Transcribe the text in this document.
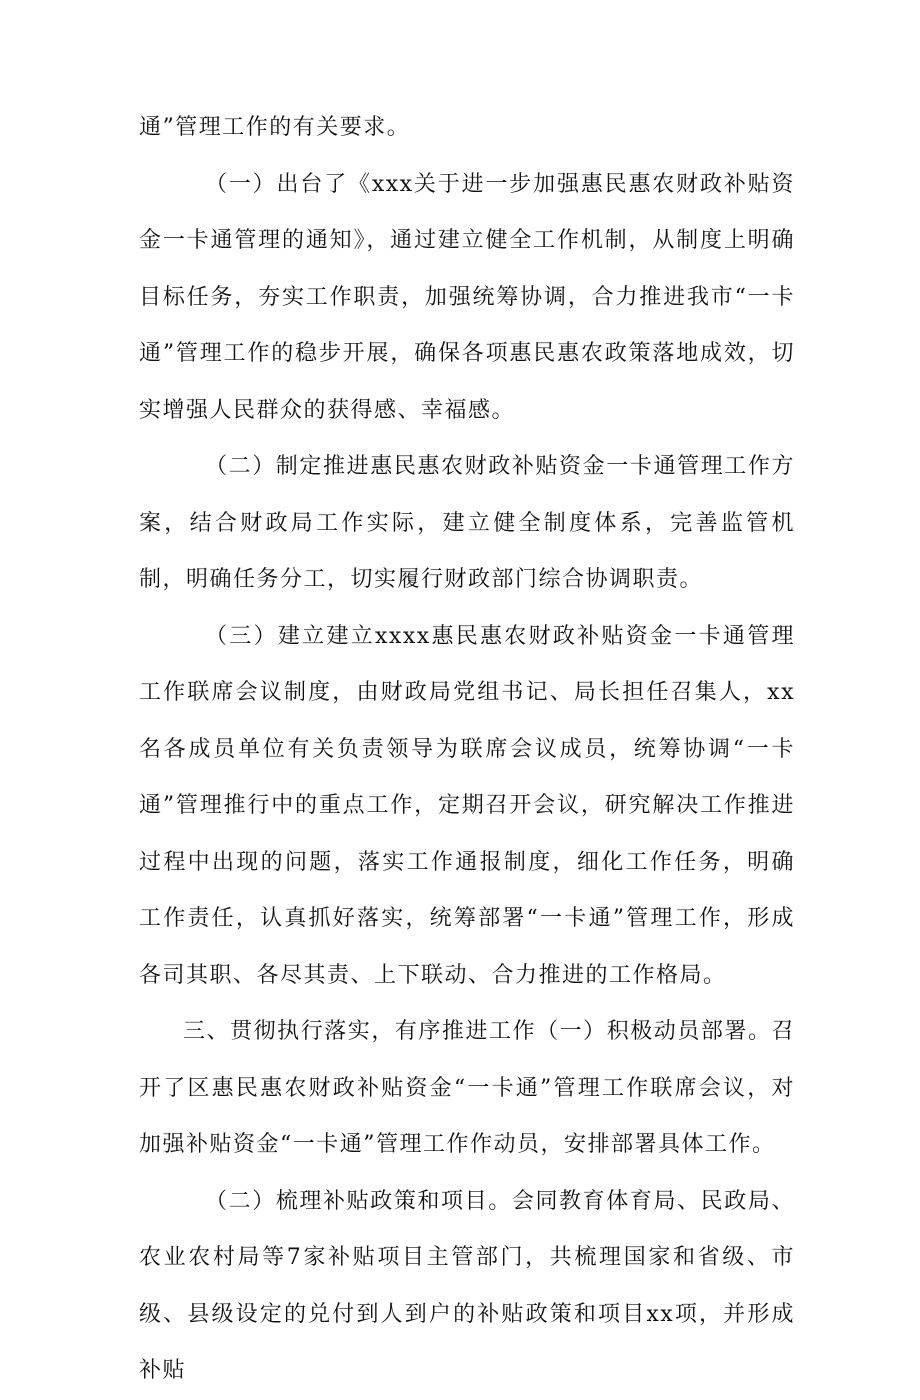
通”管理工作的有关要求。

（一）出台了《xxx关于进一步加强惠民惠农财政补贴资金一卡通管理的通知》，通过建立健全工作机制，从制度上明确目标任务，夯实工作职责，加强统筹协调，合力推进我市“一卡通”管理工作的稳步开展，确保各项惠民惠农政策落地成效，切实增强人民群众的获得感、幸福感。

（二）制定推进惠民惠农财政补贴资金一卡通管理工作方案，结合财政局工作实际，建立健全制度体系，完善监管机制，明确任务分工，切实履行财政部门综合协调职责。

（三）建立建立xxxx惠民惠农财政补贴资金一卡通管理工作联席会议制度，由财政局党组书记、局长担任召集人，xx名各成员单位有关负责领导为联席会议成员，统筹协调“一卡通”管理推行中的重点工作，定期召开会议，研究解决工作推进过程中出现的问题，落实工作通报制度，细化工作任务，明确工作责任，认真抓好落实，统筹部署“一卡通”管理工作，形成各司其职、各尽其责、上下联动、合力推进的工作格局。

三、贯彻执行落实，有序推进工作（一）积极动员部署。召开了区惠民惠农财政补贴资金“一卡通”管理工作联席会议，对加强补贴资金“一卡通”管理工作作动员，安排部署具体工作。

（二）梳理补贴政策和项目。会同教育体育局、民政局、农业农村局等7家补贴项目主管部门，共梳理国家和省级、市级、县级设定的兑付到人到户的补贴政策和项目xx项，并形成补贴
